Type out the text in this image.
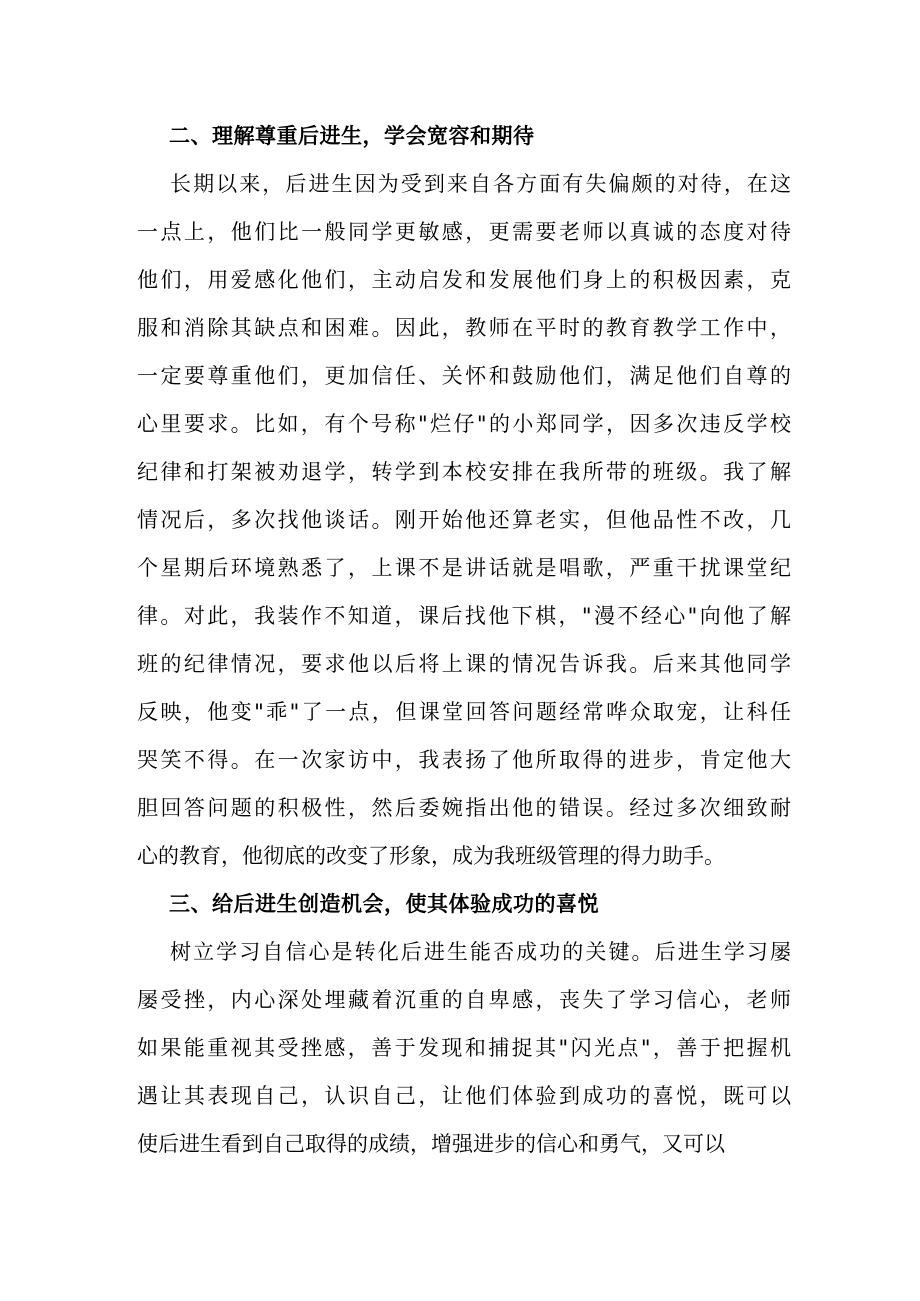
二、理解尊重后进生，学会宽容和期待
长期以来，后进生因为受到来自各方面有失偏颇的对待，在这
一点上，他们比一般同学更敏感，更需要老师以真诚的态度对待
他们，用爱感化他们，主动启发和发展他们身上的积极因素，克
服和消除其缺点和困难。因此，教师在平时的教育教学工作中，
一定要尊重他们，更加信任、关怀和鼓励他们，满足他们自尊的
心里要求。比如，有个号称"烂仔"的小郑同学，因多次违反学校
纪律和打架被劝退学，转学到本校安排在我所带的班级。我了解
情况后，多次找他谈话。刚开始他还算老实，但他品性不改，几
个星期后环境熟悉了，上课不是讲话就是唱歌，严重干扰课堂纪
律。对此，我装作不知道，课后找他下棋，"漫不经心"向他了解
班的纪律情况，要求他以后将上课的情况告诉我。后来其他同学
反映，他变"乖"了一点，但课堂回答问题经常哗众取宠，让科任
哭笑不得。在一次家访中，我表扬了他所取得的进步，肯定他大
胆回答问题的积极性，然后委婉指出他的错误。经过多次细致耐
心的教育，他彻底的改变了形象，成为我班级管理的得力助手。
三、给后进生创造机会，使其体验成功的喜悦
树立学习自信心是转化后进生能否成功的关键。后进生学习屡
屡受挫，内心深处埋藏着沉重的自卑感，丧失了学习信心，老师
如果能重视其受挫感，善于发现和捕捉其"闪光点"，善于把握机
遇让其表现自己，认识自己，让他们体验到成功的喜悦，既可以
使后进生看到自己取得的成绩，增强进步的信心和勇气，又可以
